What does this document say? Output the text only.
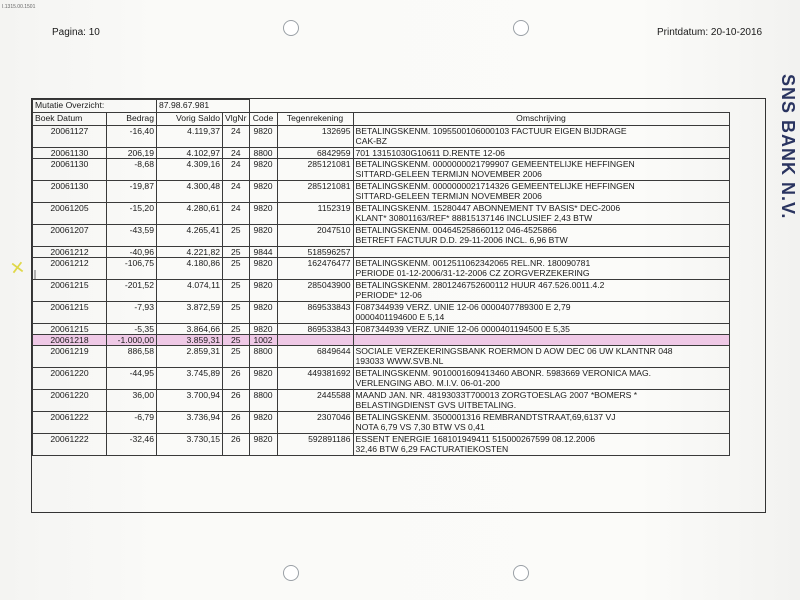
I.1315.00.1501
Pagina: 10	Printdatum: 20-10-2016
SNS BANK N.V.
✕
Mutatie Overzicht:		87.98.67.981				
Boek Datum	Bedrag	Vorig Saldo	VlgNr	Code	Tegenrekening	Omschrijving
20061127	-16,40	4.119,37	24	9820	132695	BETALINGSKENM. 1095500106000103 FACTUUR EIGEN BIJDRAGE
CAK-BZ

20061130	206,19	4.102,97	24	8800	6842959	701 13151030G10611 D.RENTE 12-06

20061130	-8,68	4.309,16	24	9820	285121081	BETALINGSKENM. 0000000021799907 GEMEENTELIJKE HEFFINGEN
SITTARD-GELEEN TERMIJN NOVEMBER 2006

20061130	-19,87	4.300,48	24	9820	285121081	BETALINGSKENM. 0000000021714326 GEMEENTELIJKE HEFFINGEN
SITTARD-GELEEN TERMIJN NOVEMBER 2006

20061205	-15,20	4.280,61	24	9820	1152319	BETALINGSKENM. 15280447 ABONNEMENT TV BASIS* DEC-2006
KLANT* 30801163/REF* 88815137146 INCLUSIEF 2,43 BTW

20061207	-43,59	4.265,41	25	9820	2047510	BETALINGSKENM. 004645258660112 046-4525866
BETREFT FACTUUR D.D. 29-11-2006 INCL. 6,96 BTW

20061212	-40,96	4.221,82	25	9844	518596257	

20061212	-106,75	4.180,86	25	9820	162476477	BETALINGSKENM. 0012511062342065 REL.NR. 180090781
PERIODE 01-12-2006/31-12-2006 CZ ZORGVERZEKERING

20061215	-201,52	4.074,11	25	9820	285043900	BETALINGSKENM. 2801246752600112 HUUR 467.526.0011.4.2
PERIODE* 12-06

20061215	-7,93	3.872,59	25	9820	869533843	F087344939 VERZ. UNIE 12-06 0000407789300 E 2,79
0000401194600 E 5,14

20061215	-5,35	3.864,66	25	9820	869533843	F087344939 VERZ. UNIE 12-06 0000401194500 E 5,35

20061218	-1.000,00	3.859,31	25	1002		

20061219	886,58	2.859,31	25	8800	6849644	SOCIALE VERZEKERINGSBANK ROERMON D AOW DEC 06 UW KLANTNR 048
193033 WWW.SVB.NL

20061220	-44,95	3.745,89	26	9820	449381692	BETALINGSKENM. 9010001609413460 ABONR. 5983669 VERONICA MAG.
VERLENGING ABO. M.I.V. 06-01-200

20061220	36,00	3.700,94	26	8800	2445588	MAAND JAN. NR. 48193033T700013 ZORGTOESLAG 2007 *BOMERS *
BELASTINGDIENST GVS UITBETALING.

20061222	-6,79	3.736,94	26	9820	2307046	BETALINGSKENM. 3500001316 REMBRANDTSTRAAT,69,6137 VJ
NOTA 6,79 VS 7,30 BTW VS 0,41

20061222	-32,46	3.730,15	26	9820	592891186	ESSENT ENERGIE 168101949411 515000267599 08.12.2006
32,46 BTW 6,29 FACTURATIEKOSTEN
